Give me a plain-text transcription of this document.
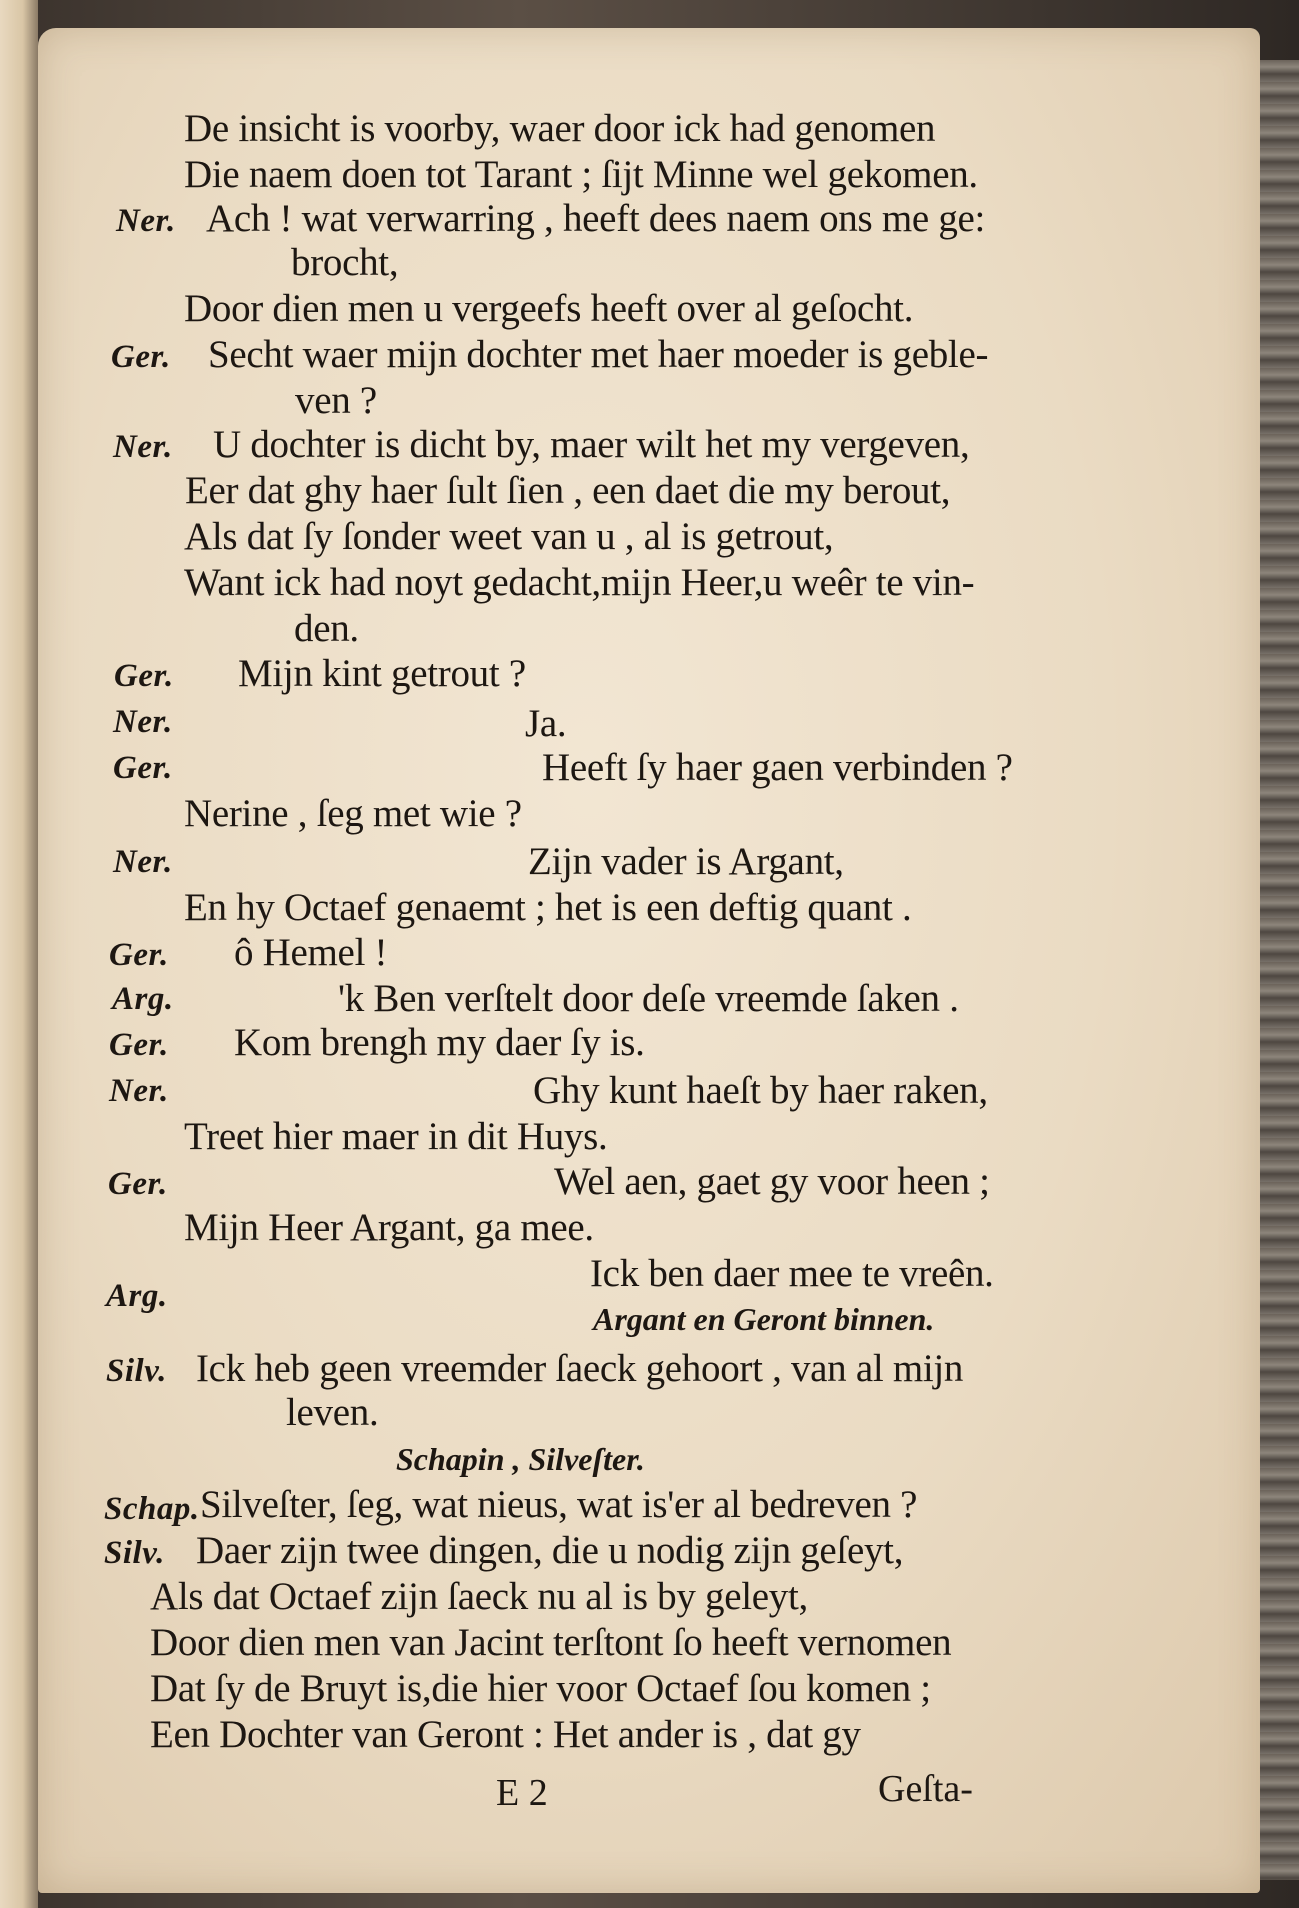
De insicht is voorby, waer door ick had genomen
Die naem doen tot Tarant ; ſijt Minne wel gekomen.
Ner. Ach ! wat verwarring , heeft dees naem ons me ge:
brocht,
Door dien men u vergeefs heeft over al geſocht.
Ger. Secht waer mijn dochter met haer moeder is geble-
ven ?
Ner. U dochter is dicht by, maer wilt het my vergeven,
Eer dat ghy haer ſult ſien , een daet die my berout,
Als dat ſy ſonder weet van u , al is getrout,
Want ick had noyt gedacht,mijn Heer,u weêr te vin-
den.
Ger. Mijn kint getrout ?
Ner.	Ja.
Ger.	Heeft ſy haer gaen verbinden ?
Nerine , ſeg met wie ?
Ner.	Zijn vader is Argant,
En hy Octaef genaemt ; het is een deftig quant .
Ger. ô Hemel !
Arg.	'k Ben verſtelt door deſe vreemde ſaken .
Ger. Kom brengh my daer ſy is.
Ner.	Ghy kunt haeſt by haer raken,
Treet hier maer in dit Huys.
Ger.	Wel aen, gaet gy voor heen ;
Mijn Heer Argant, ga mee.
Arg.
Ick ben daer mee te vreên.
Argant en Geront binnen.
Silv. Ick heb geen vreemder ſaeck gehoort , van al mijn
leven.
Schapin , Silveſter.
Schap. Silveſter, ſeg, wat nieus, wat is'er al bedreven ?
Silv. Daer zijn twee dingen, die u nodig zijn geſeyt,
Als dat Octaef zijn ſaeck nu al is by geleyt,
Door dien men van Jacint terſtont ſo heeft vernomen
Dat ſy de Bruyt is,die hier voor Octaef ſou komen ;
Een Dochter van Geront : Het ander is , dat gy
E 2	Geſta-
